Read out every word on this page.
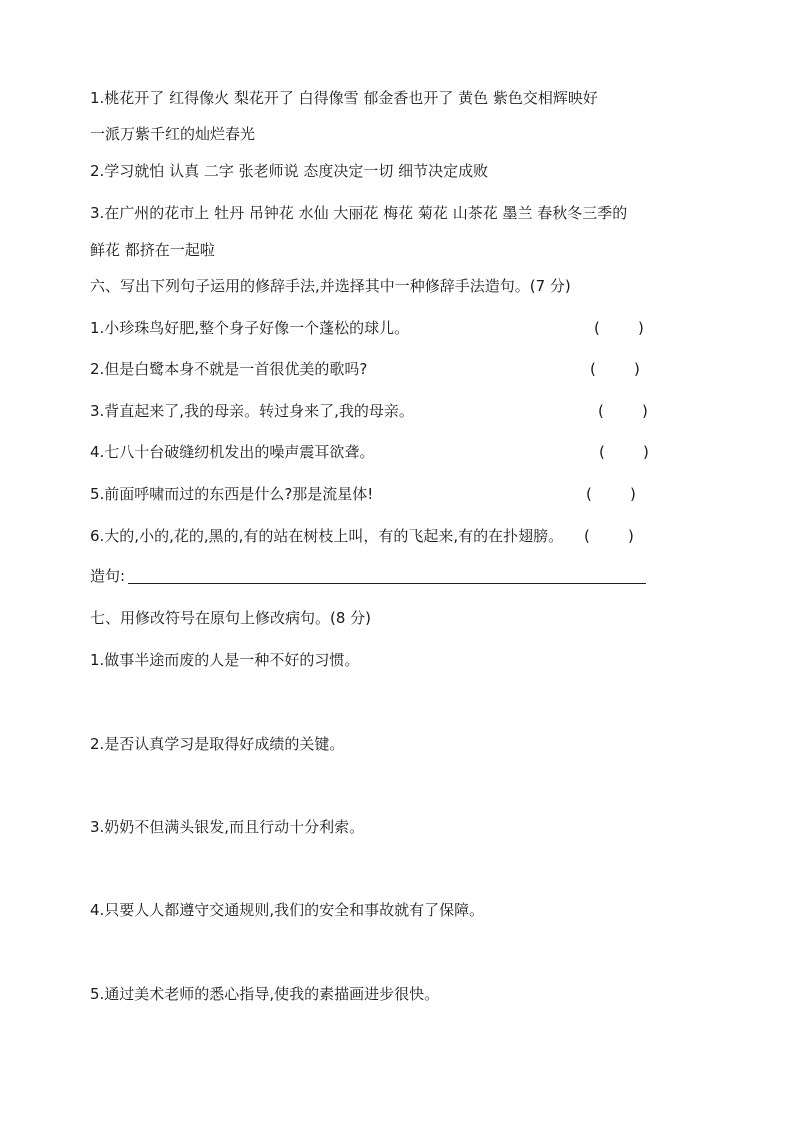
1.桃花开了 红得像火 梨花开了 白得像雪 郁金香也开了 黄色 紫色交相辉映好
一派万紫千红的灿烂春光
2.学习就怕 认真 二字 张老师说 态度决定一切 细节决定成败
3.在广州的花市上 牡丹 吊钟花 水仙 大丽花 梅花 菊花 山茶花 墨兰 春秋冬三季的
鲜花 都挤在一起啦
六、写出下列句子运用的修辞手法,并选择其中一种修辞手法造句。(7 分)
1.小珍珠鸟好肥,整个身子好像一个蓬松的球儿。	(        )
2.但是白鹭本身不就是一首很优美的歌吗?	(        )
3.背直起来了,我的母亲。转过身来了,我的母亲。	(        )
4.七八十台破缝纫机发出的噪声震耳欲聋。	(        )
5.前面呼啸而过的东西是什么?那是流星体!	(        )
6.大的,小的,花的,黑的,有的站在树枝上叫，有的飞起来,有的在扑翅膀。 (        )
造句:
七、用修改符号在原句上修改病句。(8 分)
1.做事半途而废的人是一种不好的习惯。
2.是否认真学习是取得好成绩的关键。
3.奶奶不但满头银发,而且行动十分利索。
4.只要人人都遵守交通规则,我们的安全和事故就有了保障。
5.通过美术老师的悉心指导,使我的素描画进步很快。
